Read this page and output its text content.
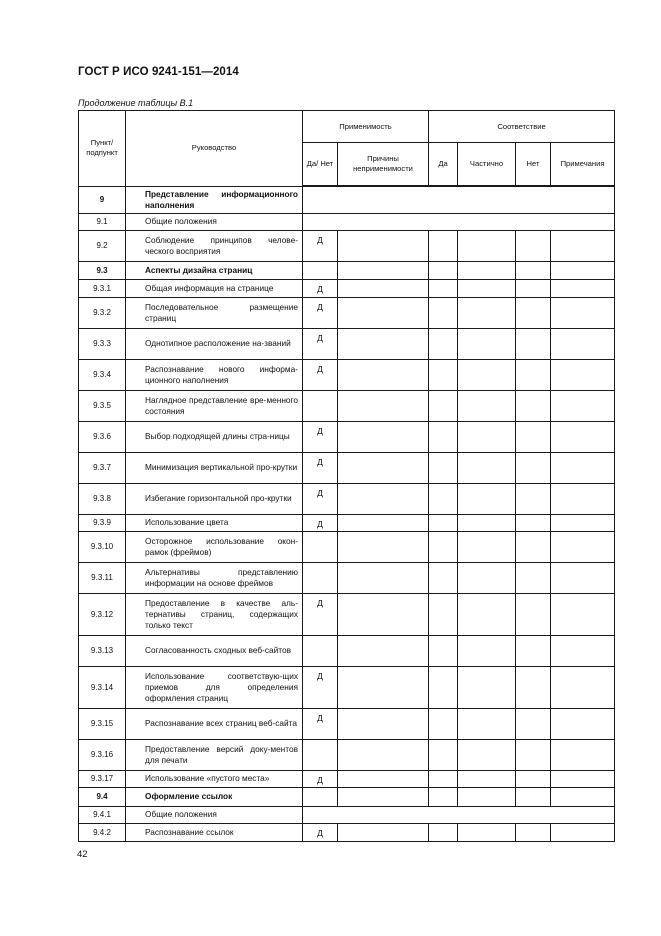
ГОСТ Р ИСО 9241-151—2014
Продолжение таблицы В.1
Пункт/ подпункт	Руководство	Применимость		Соответствие			
		Да/ Нет	Причины неприменимости	Да	Частично	Нет	Примечания
9	Представление информационного наполнения						
9.1	Общие положения						
9.2	Соблюдение принципов челове-ческого восприятия	Д					
9.3	Аспекты дизайна страниц						
9.3.1	Общая информация на странице	Д					
9.3.2	Последовательное размещение страниц	Д					
9.3.3	Однотипное расположение на-званий	Д					
9.3.4	Распознавание нового информа-ционного наполнения	Д					
9.3.5	Наглядное представление вре-менного состояния						
9.3.6	Выбор подходящей длины стра-ницы	Д					
9.3.7	Минимизация вертикальной про-крутки	Д					
9.3.8	Избегание горизонтальной про-крутки	Д					
9.3.9	Использование цвета	Д					
9.3.10	Осторожное использование окон-рамок (фреймов)						
9.3.11	Альтернативы представлению информации на основе фреймов						
9.3.12	Предоставление в качестве аль-тернативы страниц, содержащих только текст	Д					
9.3.13	Согласованность сходных веб-сайтов						
9.3.14	Использование соответствую-щих приемов для определения оформления страниц	Д					
9.3.15	Распознавание всех страниц веб-сайта	Д					
9.3.16	Предоставление версий доку-ментов для печати						
9.3.17	Использование «пустого места»	Д					
9.4	Оформление ссылок						
9.4.1	Общие положения						
9.4.2	Распознавание ссылок	Д					
42
